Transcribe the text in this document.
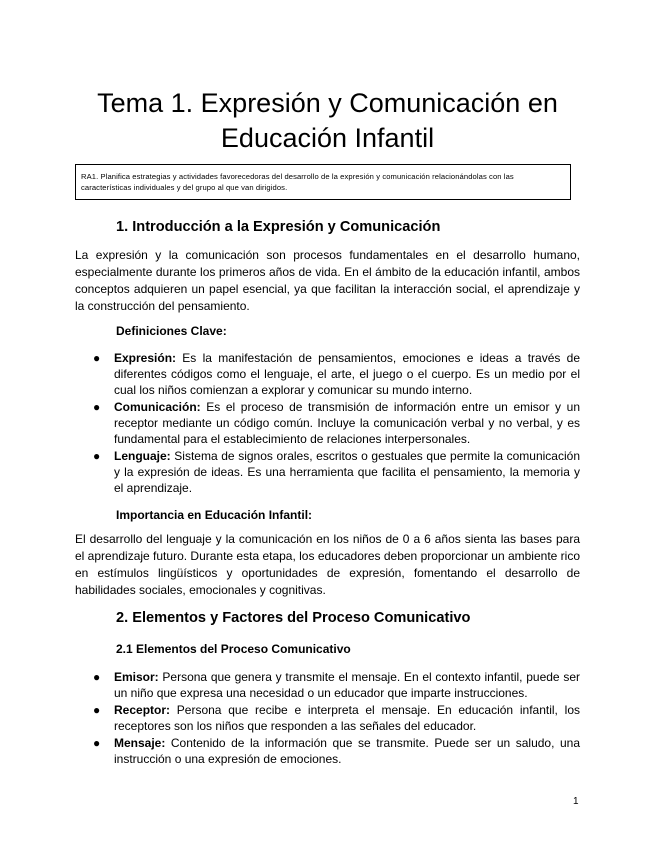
Tema 1. Expresión y Comunicación en Educación Infantil
RA1. Planifica estrategias y actividades favorecedoras del desarrollo de la expresión y comunicación relacionándolas con las características individuales y del grupo al que van dirigidos.
1. Introducción a la Expresión y Comunicación

La expresión y la comunicación son procesos fundamentales en el desarrollo humano, especialmente durante los primeros años de vida. En el ámbito de la educación infantil, ambos conceptos adquieren un papel esencial, ya que facilitan la interacción social, el aprendizaje y la construcción del pensamiento.

Definiciones Clave:
● Expresión: Es la manifestación de pensamientos, emociones e ideas a través de diferentes códigos como el lenguaje, el arte, el juego o el cuerpo. Es un medio por el cual los niños comienzan a explorar y comunicar su mundo interno.
● Comunicación: Es el proceso de transmisión de información entre un emisor y un receptor mediante un código común. Incluye la comunicación verbal y no verbal, y es fundamental para el establecimiento de relaciones interpersonales.
● Lenguaje: Sistema de signos orales, escritos o gestuales que permite la comunicación y la expresión de ideas. Es una herramienta que facilita el pensamiento, la memoria y el aprendizaje.
Importancia en Educación Infantil:

El desarrollo del lenguaje y la comunicación en los niños de 0 a 6 años sienta las bases para el aprendizaje futuro. Durante esta etapa, los educadores deben proporcionar un ambiente rico en estímulos lingüísticos y oportunidades de expresión, fomentando el desarrollo de habilidades sociales, emocionales y cognitivas.

2. Elementos y Factores del Proceso Comunicativo
2.1 Elementos del Proceso Comunicativo
● Emisor: Persona que genera y transmite el mensaje. En el contexto infantil, puede ser un niño que expresa una necesidad o un educador que imparte instrucciones.
● Receptor: Persona que recibe e interpreta el mensaje. En educación infantil, los receptores son los niños que responden a las señales del educador.
● Mensaje: Contenido de la información que se transmite. Puede ser un saludo, una instrucción o una expresión de emociones.
1
